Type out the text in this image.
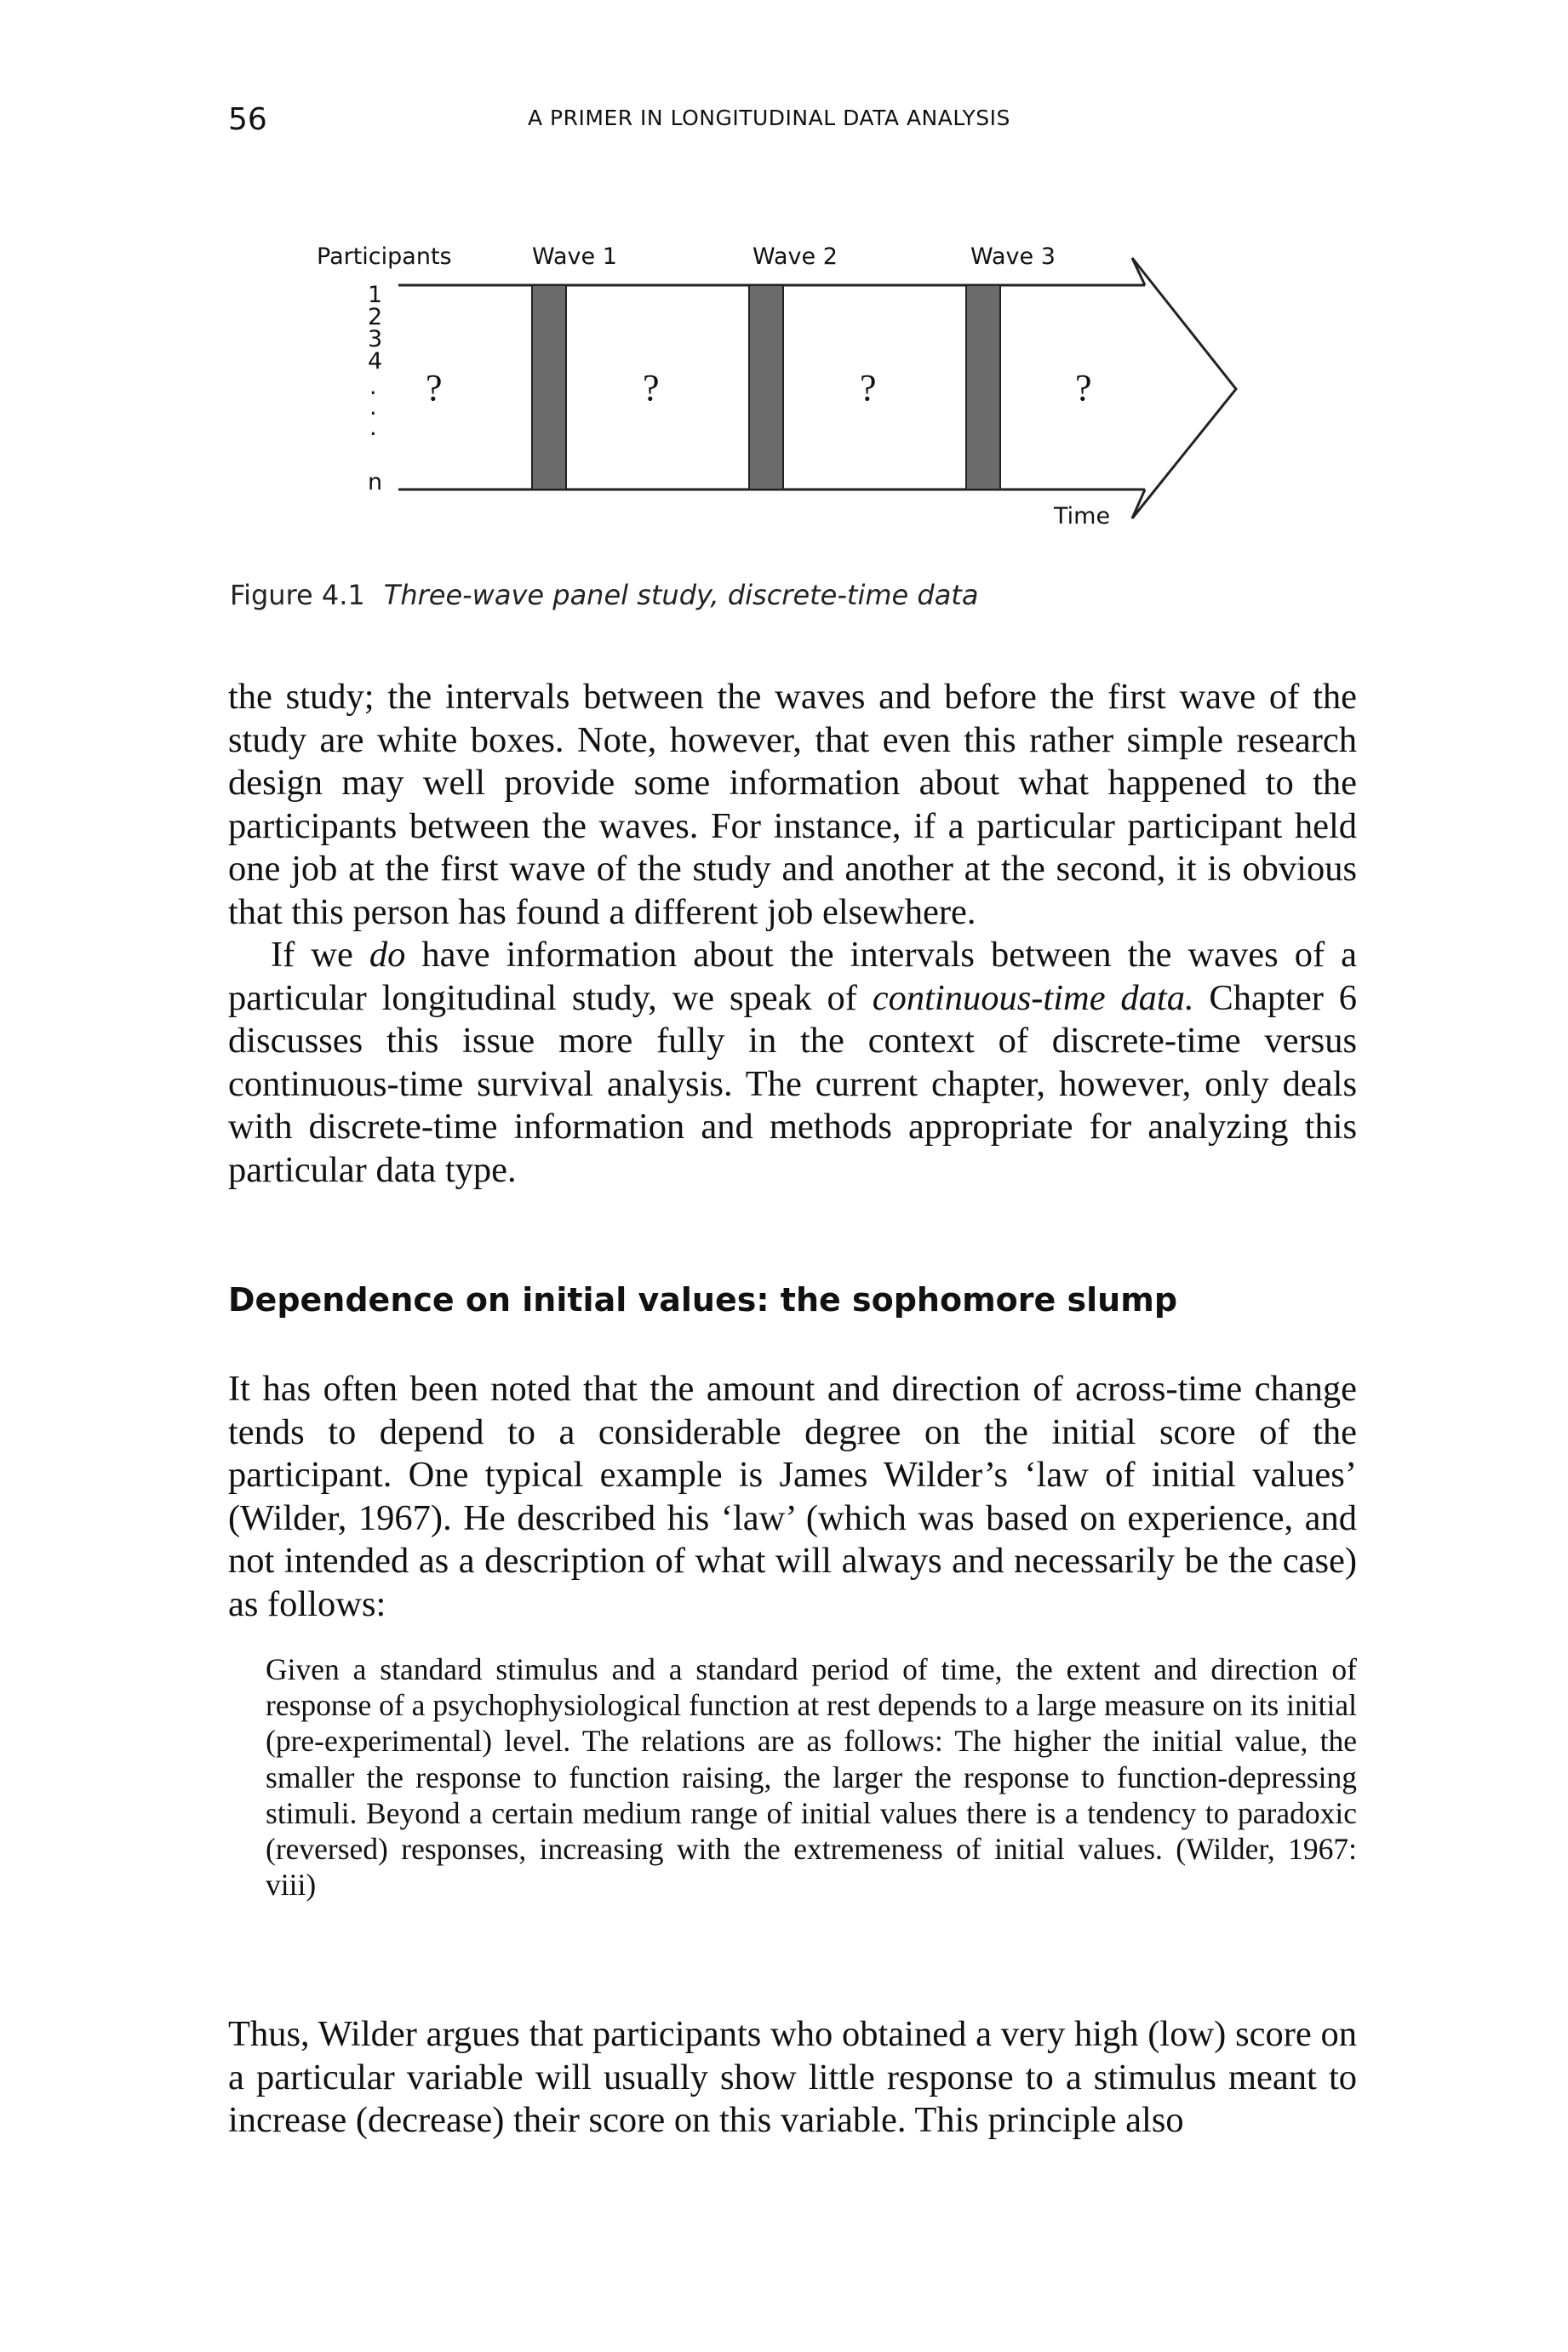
56	A PRIMER IN LONGITUDINAL DATA ANALYSIS
Participants	Wave 1	Wave 2	Wave 3
1
2
3
4
.
.
.
n
?	?	?	?
Time
Figure 4.1 Three-wave panel study, discrete-time data

the study; the intervals between the waves and before the first wave of the study are white boxes. Note, however, that even this rather simple research design may well provide some information about what happened to the participants between the waves. For instance, if a particular participant held one job at the first wave of the study and another at the second, it is obvious that this person has found a different job elsewhere.

If we do have information about the intervals between the waves of a particular longitudinal study, we speak of continuous-time data. Chapter 6 discusses this issue more fully in the context of discrete-time versus continuous-time survival analysis. The current chapter, however, only deals with discrete-time information and methods appropriate for analyzing this particular data type.

Dependence on initial values: the sophomore slump

It has often been noted that the amount and direction of across-time change tends to depend to a considerable degree on the initial score of the participant. One typical example is James Wilder’s ‘law of initial values’ (Wilder, 1967). He described his ‘law’ (which was based on experience, and not intended as a description of what will always and necessarily be the case) as follows:

Given a standard stimulus and a standard period of time, the extent and direction of response of a psychophysiological function at rest depends to a large measure on its initial (pre-experimental) level. The relations are as follows: The higher the initial value, the smaller the response to function raising, the larger the response to function-depressing stimuli. Beyond a certain medium range of initial values there is a tendency to paradoxic (reversed) responses, increasing with the extremeness of initial values. (Wilder, 1967: viii)

Thus, Wilder argues that participants who obtained a very high (low) score on a particular variable will usually show little response to a stimulus meant to increase (decrease) their score on this variable. This principle also
